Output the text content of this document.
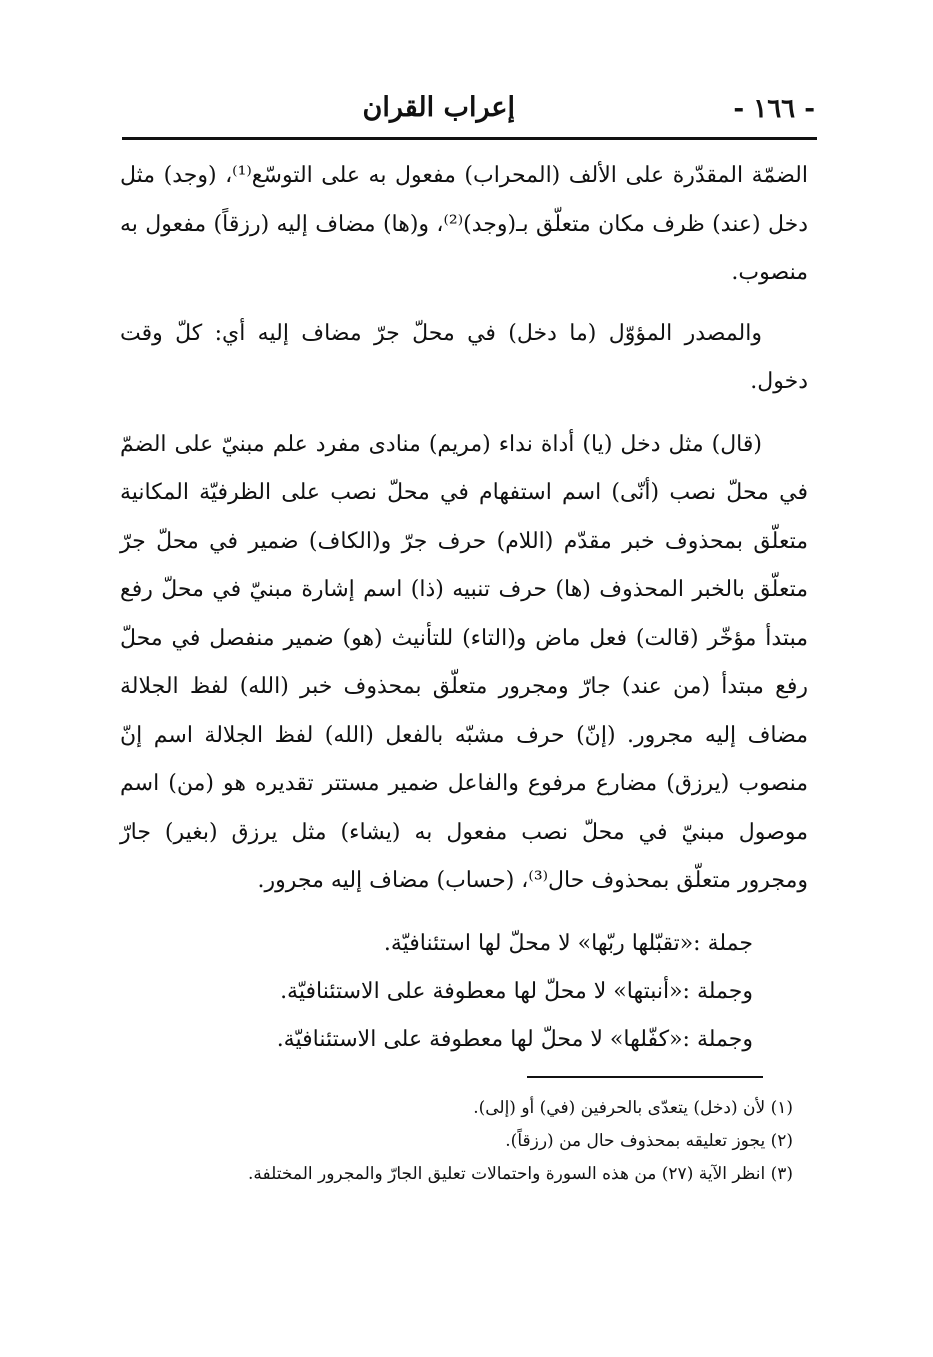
- ١٦٦ -
إعراب القران

الضمّة المقدّرة على الألف (المحراب) مفعول به على التوسّع⁽¹⁾، (وجد) مثل دخل (عند) ظرف مكان متعلّق بـ(وجد)⁽²⁾، و(ها) مضاف إليه (رزقاً) مفعول به منصوب.

والمصدر المؤوّل (ما دخل) في محلّ جرّ مضاف إليه أي: كلّ وقت دخول.

(قال) مثل دخل (يا) أداة نداء (مريم) منادى مفرد علم مبنيّ على الضمّ في محلّ نصب (أنّى) اسم استفهام في محلّ نصب على الظرفيّة المكانية متعلّق بمحذوف خبر مقدّم (اللام) حرف جرّ و(الكاف) ضمير في محلّ جرّ متعلّق بالخبر المحذوف (ها) حرف تنبيه (ذا) اسم إشارة مبنيّ في محلّ رفع مبتدأ مؤخّر (قالت) فعل ماض و(التاء) للتأنيث (هو) ضمير منفصل في محلّ رفع مبتدأ (من عند) جارّ ومجرور متعلّق بمحذوف خبر (الله) لفظ الجلالة مضاف إليه مجرور. (إنّ) حرف مشبّه بالفعل (الله) لفظ الجلالة اسم إنّ منصوب (يرزق) مضارع مرفوع والفاعل ضمير مستتر تقديره هو (من) اسم موصول مبنيّ في محلّ نصب مفعول به (يشاء) مثل يرزق (بغير) جارّ ومجرور متعلّق بمحذوف حال⁽³⁾، (حساب) مضاف إليه مجرور.

جملة :«تقبّلها ربّها» لا محلّ لها استئنافيّة.

وجملة :«أنبتها» لا محلّ لها معطوفة على الاستئنافيّة.

وجملة :«كفّلها» لا محلّ لها معطوفة على الاستئنافيّة.

(١) لأن (دخل) يتعدّى بالحرفين (في) أو (إلى).

(٢) يجوز تعليقه بمحذوف حال من (رزقاً).

(٣) انظر الآية (٢٧) من هذه السورة واحتمالات تعليق الجارّ والمجرور المختلفة.
